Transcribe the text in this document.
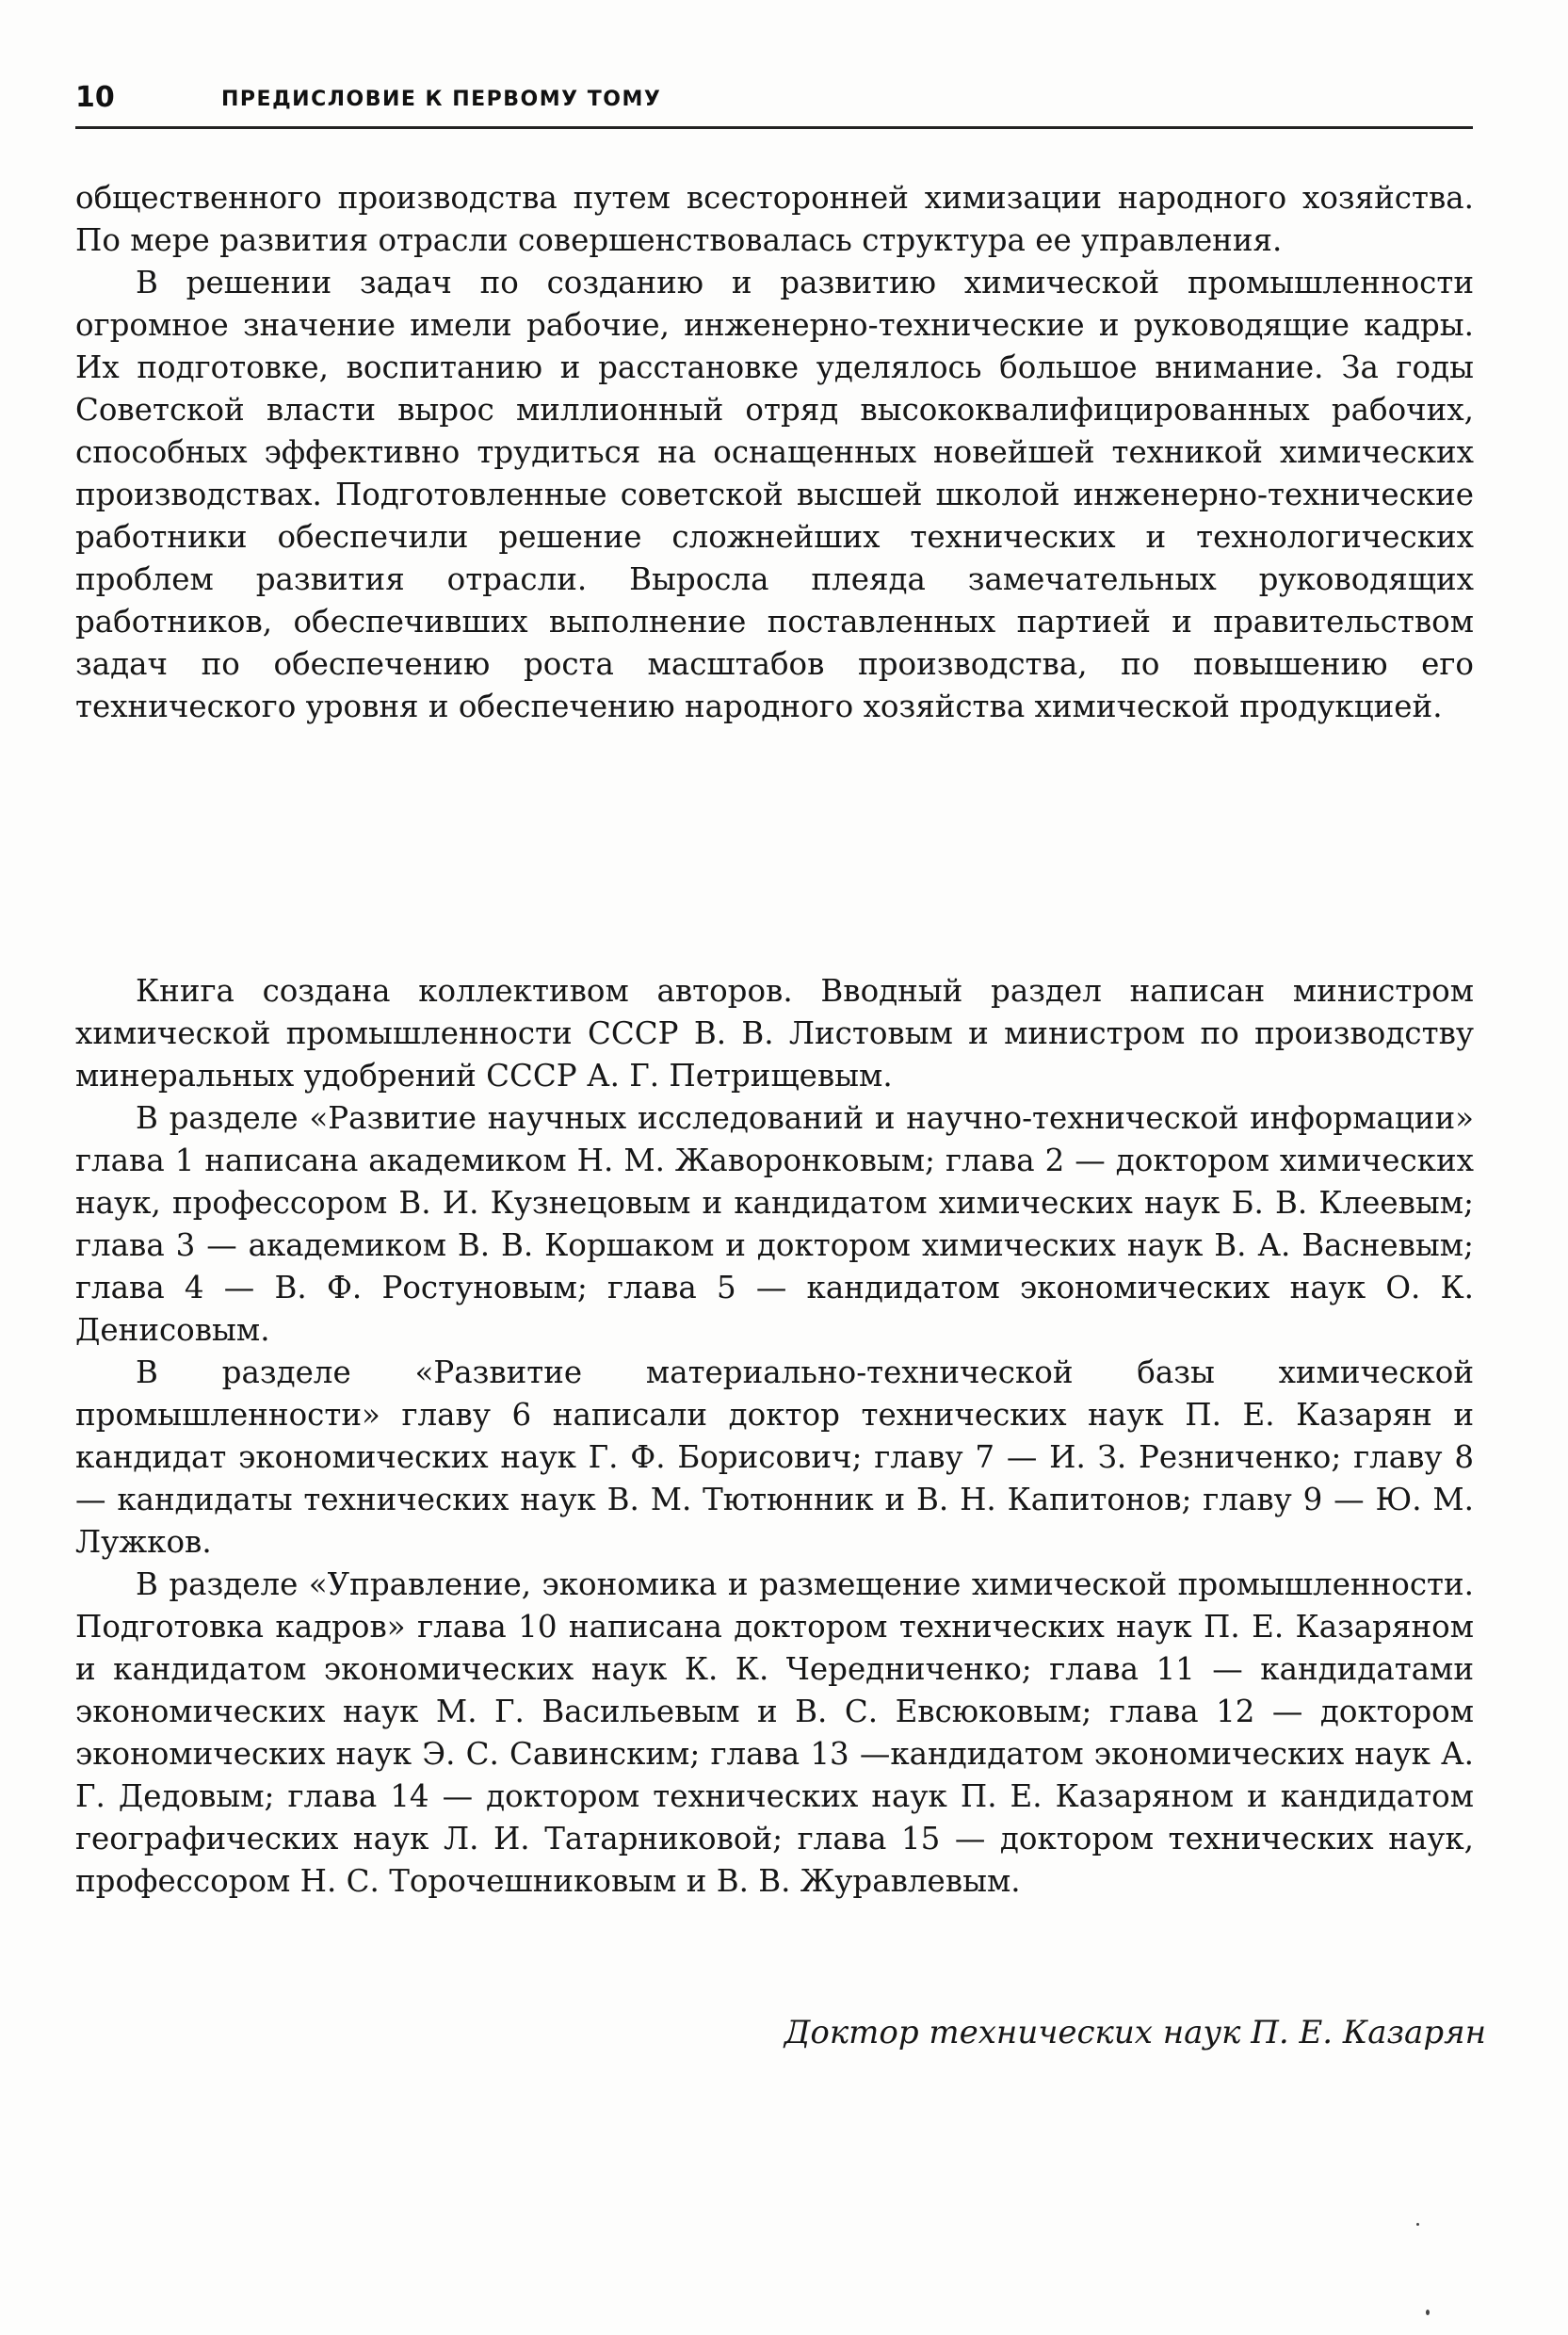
10	ПРЕДИСЛОВИЕ К ПЕРВОМУ ТОМУ

общественного производства путем всесторонней химизации народного хозяйства. По мере развития отрасли совершенствовалась структура ее управления.

В решении задач по созданию и развитию химической промышленности огромное значение имели рабочие, инженерно-технические и руководящие кадры. Их подготовке, воспитанию и расстановке уделялось большое внимание. За годы Советской власти вырос миллионный отряд высококвалифицированных рабочих, способных эффективно трудиться на оснащенных новейшей техникой химических производствах. Подготовленные советской высшей школой инженерно-технические работники обеспечили решение сложнейших технических и технологических проблем развития отрасли. Выросла плеяда замечательных руководящих работников, обеспечивших выполнение поставленных партией и правительством задач по обеспечению роста масштабов производства, по повышению его технического уровня и обеспечению народного хозяйства химической продукцией.

Книга создана коллективом авторов. Вводный раздел написан министром химической промышленности СССР В. В. Листовым и министром по производству минеральных удобрений СССР А. Г. Петрищевым.

В разделе «Развитие научных исследований и научно-технической информации» глава 1 написана академиком Н. М. Жаворонковым; глава 2 — доктором химических наук, профессором В. И. Кузнецовым и кандидатом химических наук Б. В. Клеевым; глава 3 — академиком В. В. Коршаком и доктором химических наук В. А. Васневым; глава 4 — В. Ф. Ростуновым; глава 5 — кандидатом экономических наук О. К. Денисовым.

В разделе «Развитие материально-технической базы химической промышленности» главу 6 написали доктор технических наук П. Е. Казарян и кандидат экономических наук Г. Ф. Борисович; главу 7 — И. З. Резниченко; главу 8 — кандидаты технических наук В. М. Тютюнник и В. Н. Капитонов; главу 9 — Ю. М. Лужков.

В разделе «Управление, экономика и размещение химической промышленности. Подготовка кадров» глава 10 написана доктором технических наук П. Е. Казаряном и кандидатом экономических наук К. К. Чередниченко; глава 11 — кандидатами экономических наук М. Г. Васильевым и В. С. Евсюковым; глава 12 — доктором экономических наук Э. С. Савинским; глава 13 —кандидатом экономических наук А. Г. Дедовым; глава 14 — доктором технических наук П. Е. Казаряном и кандидатом географических наук Л. И. Татарниковой; глава 15 — доктором технических наук, профессором Н. С. Торочешниковым и В. В. Журавлевым.

Доктор технических наук П. Е. Казарян
